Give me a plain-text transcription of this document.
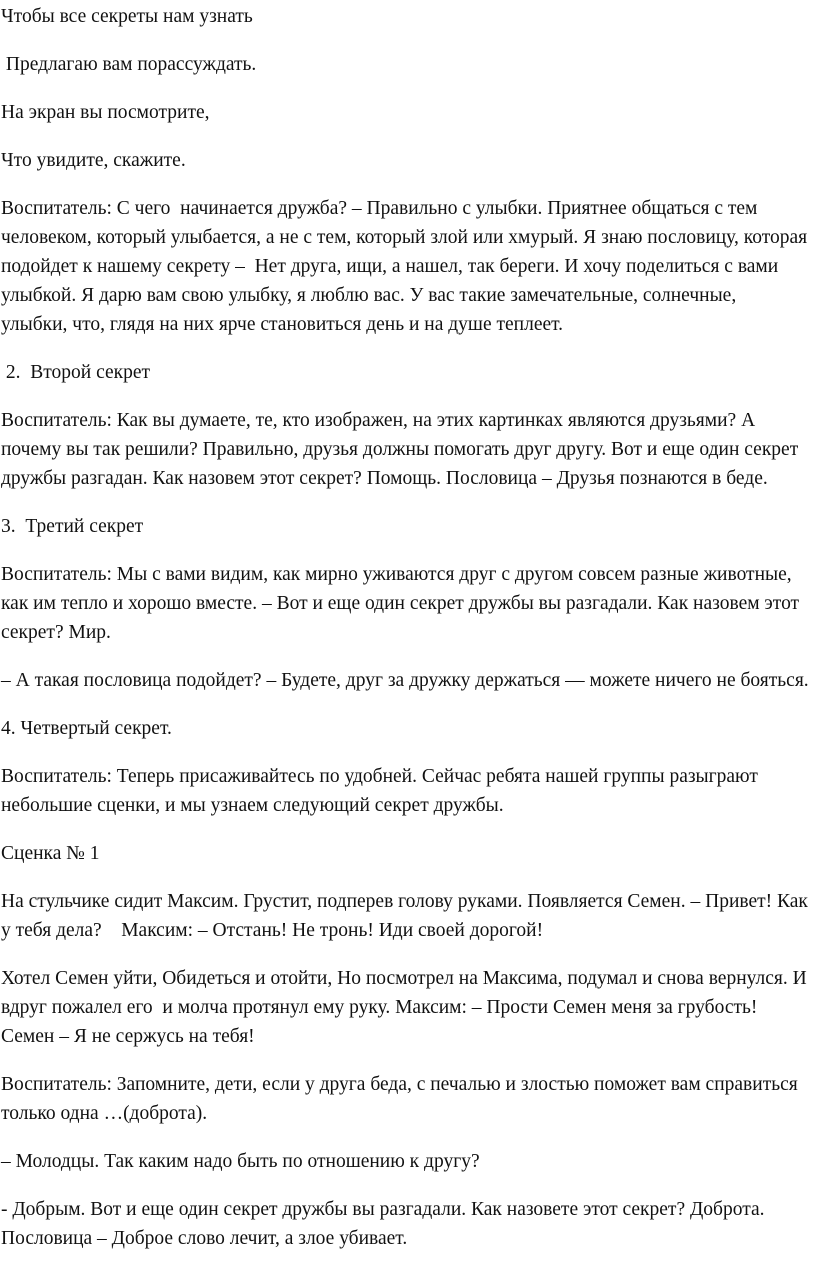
Чтобы все секреты нам узнать

Предлагаю вам порассуждать.

На экран вы посмотрите,

Что увидите, скажите.

Воспитатель: С чего  начинается дружба? – Правильно с улыбки. Приятнее общаться с тем человеком, который улыбается, а не с тем, который злой или хмурый. Я знаю пословицу, которая подойдет к нашему секрету –  Нет друга, ищи, а нашел, так береги. И хочу поделиться с вами улыбкой. Я дарю вам свою улыбку, я люблю вас. У вас такие замечательные, солнечные,  улыбки, что, глядя на них ярче становиться день и на душе теплеет.

2.  Второй секрет

Воспитатель: Как вы думаете, те, кто изображен, на этих картинках являются друзьями? А почему вы так решили? Правильно, друзья должны помогать друг другу. Вот и еще один секрет  дружбы разгадан. Как назовем этот секрет? Помощь. Пословица – Друзья познаются в беде.

3.  Третий секрет

Воспитатель: Мы с вами видим, как мирно уживаются друг с другом совсем разные животные, как им тепло и хорошо вместе. – Вот и еще один секрет дружбы вы разгадали. Как назовем этот секрет? Мир.

– А такая пословица подойдет? – Будете, друг за дружку держаться — можете ничего не бояться.

4. Четвертый секрет.

Воспитатель: Теперь присаживайтесь по удобней. Сейчас ребята нашей группы разыграют небольшие сценки, и мы узнаем следующий секрет дружбы.

Сценка № 1

На стульчике сидит Максим. Грустит, подперев голову руками. Появляется Семен. – Привет! Как у тебя дела?    Максим: – Отстань! Не тронь! Иди своей дорогой!

Хотел Семен уйти, Обидеться и отойти, Но посмотрел на Максима, подумал и снова вернулся. И вдруг пожалел его  и молча протянул ему руку. Максим: – Прости Семен меня за грубость! Семен – Я не сержусь на тебя!

Воспитатель: Запомните, дети, если у друга беда, с печалью и злостью поможет вам справиться только одна …(доброта).

– Молодцы. Так каким надо быть по отношению к другу?

- Добрым. Вот и еще один секрет дружбы вы разгадали. Как назовете этот секрет? Доброта. Пословица – Доброе слово лечит, а злое убивает.
